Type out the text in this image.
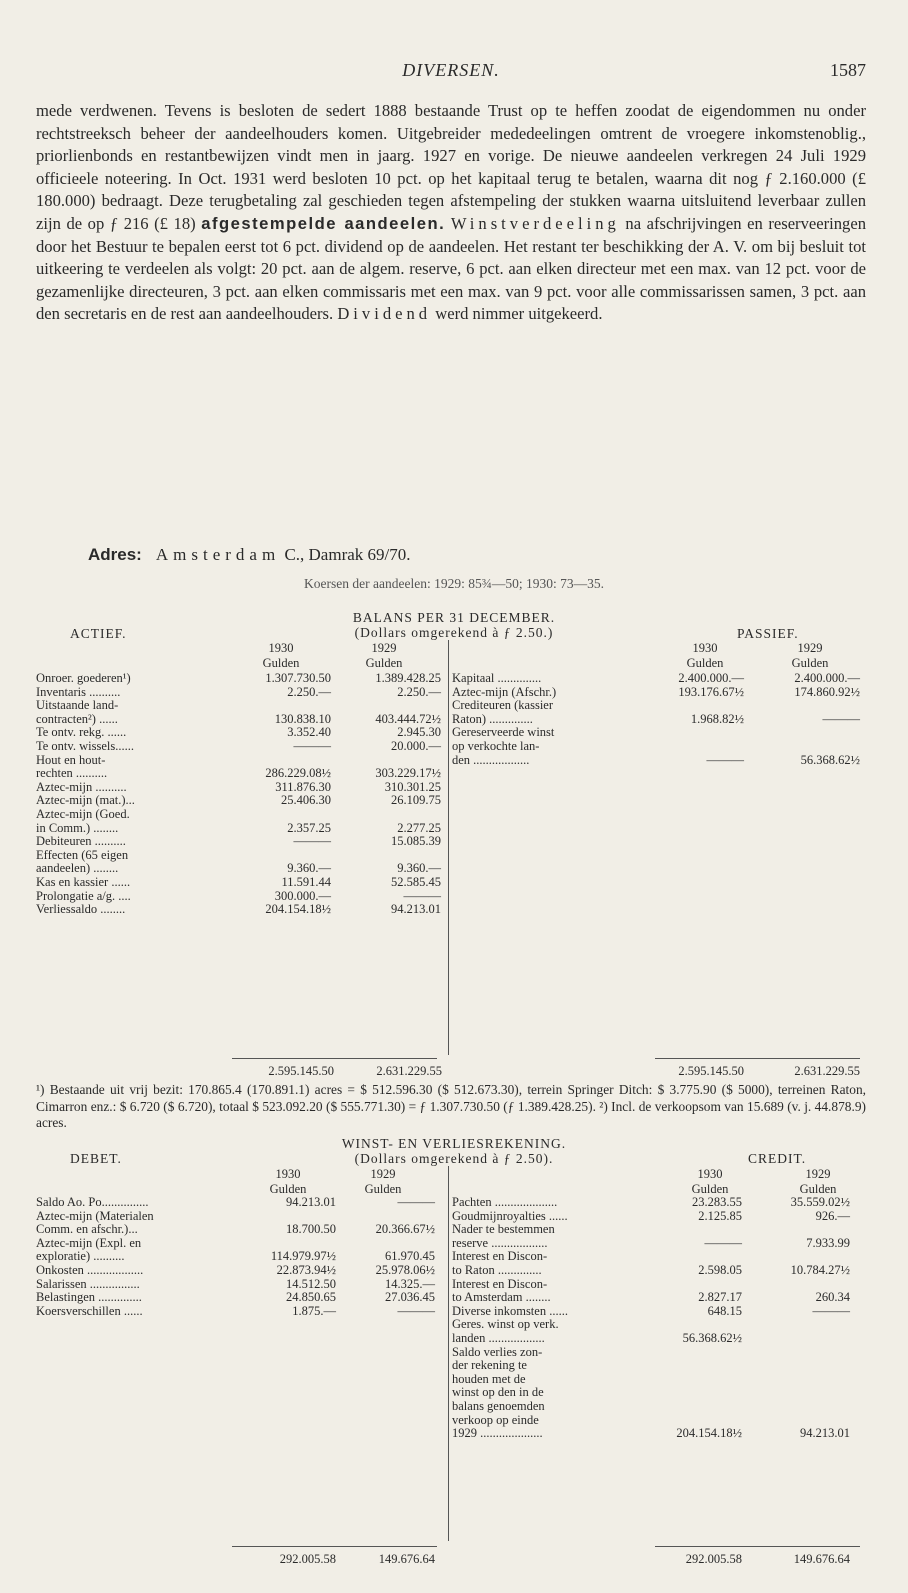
DIVERSEN.	1587

mede verdwenen. Tevens is besloten de sedert 1888 bestaande Trust op te heffen zoodat de eigendommen nu onder rechtstreeksch beheer der aandeelhouders komen. Uitgebreider mededeelingen omtrent de vroegere inkomstenoblig., priorlienbonds en restantbewijzen vindt men in jaarg. 1927 en vorige. De nieuwe aandeelen verkregen 24 Juli 1929 officieele noteering. In Oct. 1931 werd besloten 10 pct. op het kapitaal terug te betalen, waarna dit nog ƒ 2.160.000 (£ 180.000) bedraagt. Deze terugbetaling zal geschieden tegen afstempeling der stukken waarna uitsluitend leverbaar zullen zijn de op ƒ 216 (£ 18) afgestempelde aandeelen. Winstverdeeling na afschrijvingen en reserveeringen door het Bestuur te bepalen eerst tot 6 pct. dividend op de aandeelen. Het restant ter beschikking der A. V. om bij besluit tot uitkeering te verdeelen als volgt: 20 pct. aan de algem. reserve, 6 pct. aan elken directeur met een max. van 12 pct. voor de gezamenlijke directeuren, 3 pct. aan elken commissaris met een max. van 9 pct. voor alle commissarissen samen, 3 pct. aan den secretaris en de rest aan aandeelhouders. Dividend werd nimmer uitgekeerd.

Adres: Amsterdam C., Damrak 69/70.
Koersen der aandeelen: 1929: 85¾—50; 1930: 73—35.
BALANS PER 31 DECEMBER.
(Dollars omgerekend à ƒ 2.50.)
ACTIEF.	PASSIEF.
1930	1929
Gulden	Gulden
1930	1929
Gulden	Gulden
Onroer. goederen¹)	1.307.730.50	1.389.428.25
Inventaris ..........	2.250.—	2.250.—
Uitstaande land-
contracten²) ......	130.838.10	403.444.72½
Te ontv. rekg. ......	3.352.40	2.945.30
Te ontv. wissels......	———	20.000.—
Hout en hout-
rechten ..........	286.229.08½	303.229.17½
Aztec-mijn ..........	311.876.30	310.301.25
Aztec-mijn (mat.)...	25.406.30	26.109.75
Aztec-mijn (Goed.
in Comm.) ........	2.357.25	2.277.25
Debiteuren ..........	———	15.085.39
Effecten (65 eigen
aandeelen) ........	9.360.—	9.360.—
Kas en kassier ......	11.591.44	52.585.45
Prolongatie a/g. ....	300.000.—	———
Verliessaldo ........	204.154.18½	94.213.01
Kapitaal ..............	2.400.000.—	2.400.000.—
Aztec-mijn (Afschr.)	193.176.67½	174.860.92½
Crediteuren (kassier
Raton) ..............	1.968.82½	———
Gereserveerde winst
op verkochte lan-
den ..................	———	56.368.62½
2.595.145.50	2.631.229.55	2.595.145.50	2.631.229.55

¹) Bestaande uit vrij bezit: 170.865.4 (170.891.1) acres = $ 512.596.30 ($ 512.673.30), terrein Springer Ditch: $ 3.775.90 ($ 5000), terreinen Raton, Cimarron enz.: $ 6.720 ($ 6.720), totaal $ 523.092.20 ($ 555.771.30) = ƒ 1.307.730.50 (ƒ 1.389.428.25). ²) Incl. de verkoopsom van 15.689 (v. j. 44.878.9) acres.

WINST- EN VERLIESREKENING.
(Dollars omgerekend à ƒ 2.50).
DEBET.	CREDIT.
1930	1929
Gulden	Gulden
1930	1929
Gulden	Gulden
Saldo Ao. Po...............	94.213.01	———
Aztec-mijn (Materialen
Comm. en afschr.)...	18.700.50	20.366.67½
Aztec-mijn (Expl. en
exploratie) ..........	114.979.97½	61.970.45
Onkosten ..................	22.873.94½	25.978.06½
Salarissen ................	14.512.50	14.325.—
Belastingen ..............	24.850.65	27.036.45
Koersverschillen ......	1.875.—	———
Pachten ....................	23.283.55	35.559.02½
Goudmijnroyalties ......	2.125.85	926.—
Nader te bestemmen
reserve ..................	———	7.933.99
Interest en Discon-
to Raton ..............	2.598.05	10.784.27½
Interest en Discon-
to Amsterdam ........	2.827.17	260.34
Diverse inkomsten ......	648.15	———
Geres. winst op verk.
landen ..................	56.368.62½
Saldo verlies zon-
der rekening te
houden met de
winst op den in de
balans genoemden
verkoop op einde
1929 ....................	204.154.18½	94.213.01
292.005.58	149.676.64	292.005.58	149.676.64
